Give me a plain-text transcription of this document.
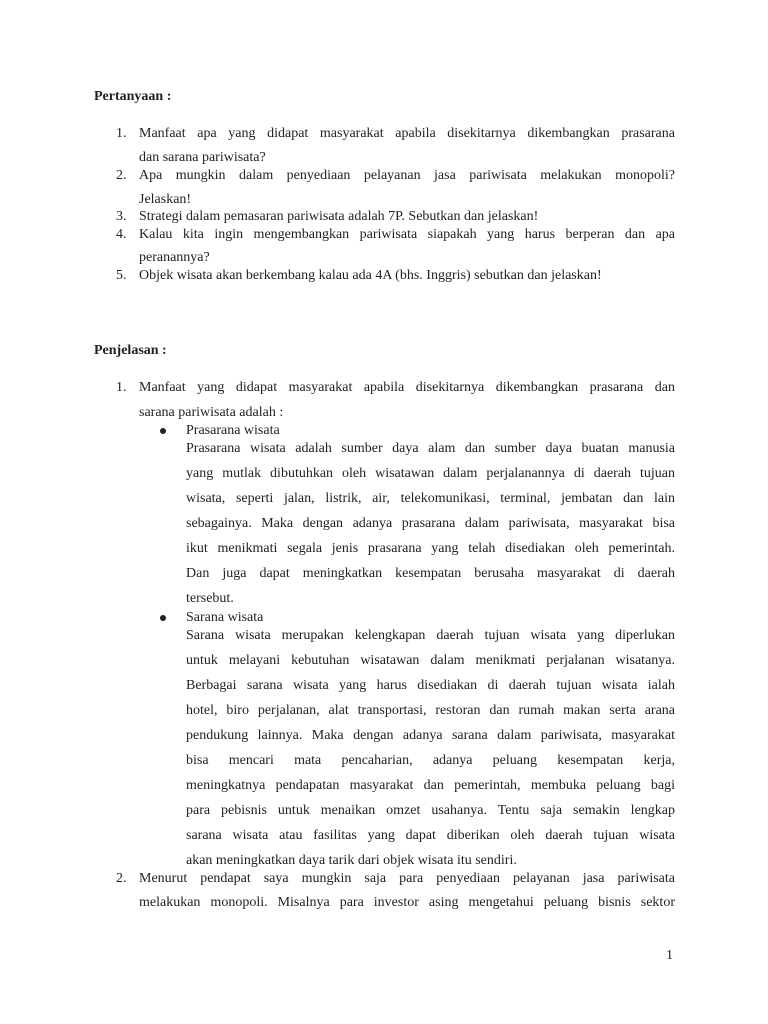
Pertanyaan :
1. Manfaat apa yang didapat masyarakat apabila disekitarnya dikembangkan prasarana
dan sarana pariwisata?
2. Apa mungkin dalam penyediaan pelayanan jasa pariwisata melakukan monopoli?
Jelaskan!
3. Strategi dalam pemasaran pariwisata adalah 7P. Sebutkan dan jelaskan!
4. Kalau kita ingin mengembangkan pariwisata siapakah yang harus berperan dan apa
peranannya?
5. Objek wisata akan berkembang kalau ada 4A (bhs. Inggris) sebutkan dan jelaskan!
Penjelasan :
1. Manfaat yang didapat masyarakat apabila disekitarnya dikembangkan prasarana dan
sarana pariwisata adalah :
Prasarana wisata
Prasarana wisata adalah sumber daya alam dan sumber daya buatan manusia
yang mutlak dibutuhkan oleh wisatawan dalam perjalanannya di daerah tujuan
wisata, seperti jalan, listrik, air, telekomunikasi, terminal, jembatan dan lain
sebagainya. Maka dengan adanya prasarana dalam pariwisata, masyarakat bisa
ikut menikmati segala jenis prasarana yang telah disediakan oleh pemerintah.
Dan juga dapat meningkatkan kesempatan berusaha masyarakat di daerah
tersebut.
Sarana wisata
Sarana wisata merupakan kelengkapan daerah tujuan wisata yang diperlukan
untuk melayani kebutuhan wisatawan dalam menikmati perjalanan wisatanya.
Berbagai sarana wisata yang harus disediakan di daerah tujuan wisata ialah
hotel, biro perjalanan, alat transportasi, restoran dan rumah makan serta arana
pendukung lainnya. Maka dengan adanya sarana dalam pariwisata, masyarakat
bisa mencari mata pencaharian, adanya peluang kesempatan kerja,
meningkatnya pendapatan masyarakat dan pemerintah, membuka peluang bagi
para pebisnis untuk menaikan omzet usahanya. Tentu saja semakin lengkap
sarana wisata atau fasilitas yang dapat diberikan oleh daerah tujuan wisata
akan meningkatkan daya tarik dari objek wisata itu sendiri.
2. Menurut pendapat saya mungkin saja para penyediaan pelayanan jasa pariwisata
melakukan monopoli. Misalnya para investor asing mengetahui peluang bisnis sektor
1
